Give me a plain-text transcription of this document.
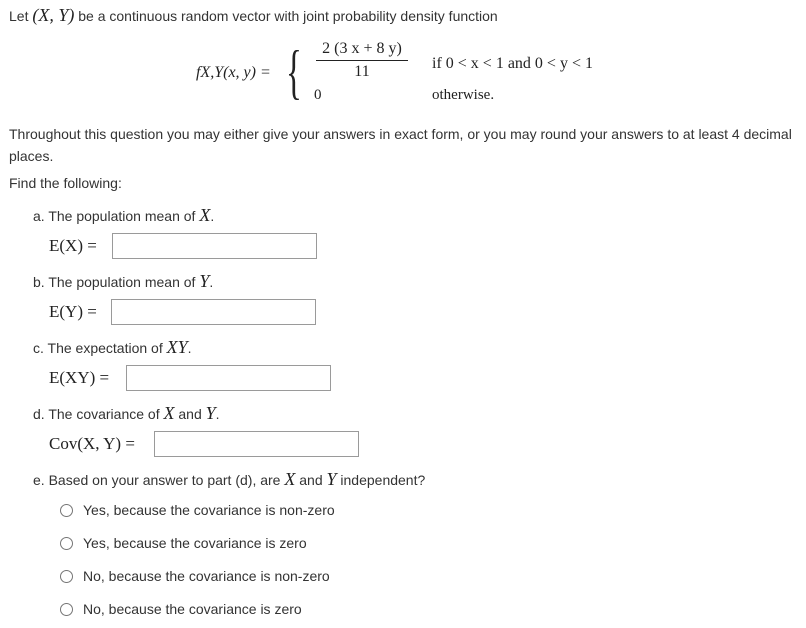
Let (X, Y) be a continuous random vector with joint probability density function
fX,Y(x, y) = {	2 (3 x + 8 y)
11
0
if 0 < x < 1 and 0 < y < 1
otherwise.
Throughout this question you may either give your answers in exact form, or you may round your answers to at least 4 decimal places.
Find the following:
a. The population mean of X.
E(X) =
b. The population mean of Y.
E(Y) =
c. The expectation of XY.
E(XY) =
d. The covariance of X and Y.
Cov(X, Y) =
e. Based on your answer to part (d), are X and Y independent?
Yes, because the covariance is non-zero
Yes, because the covariance is zero
No, because the covariance is non-zero
No, because the covariance is zero
